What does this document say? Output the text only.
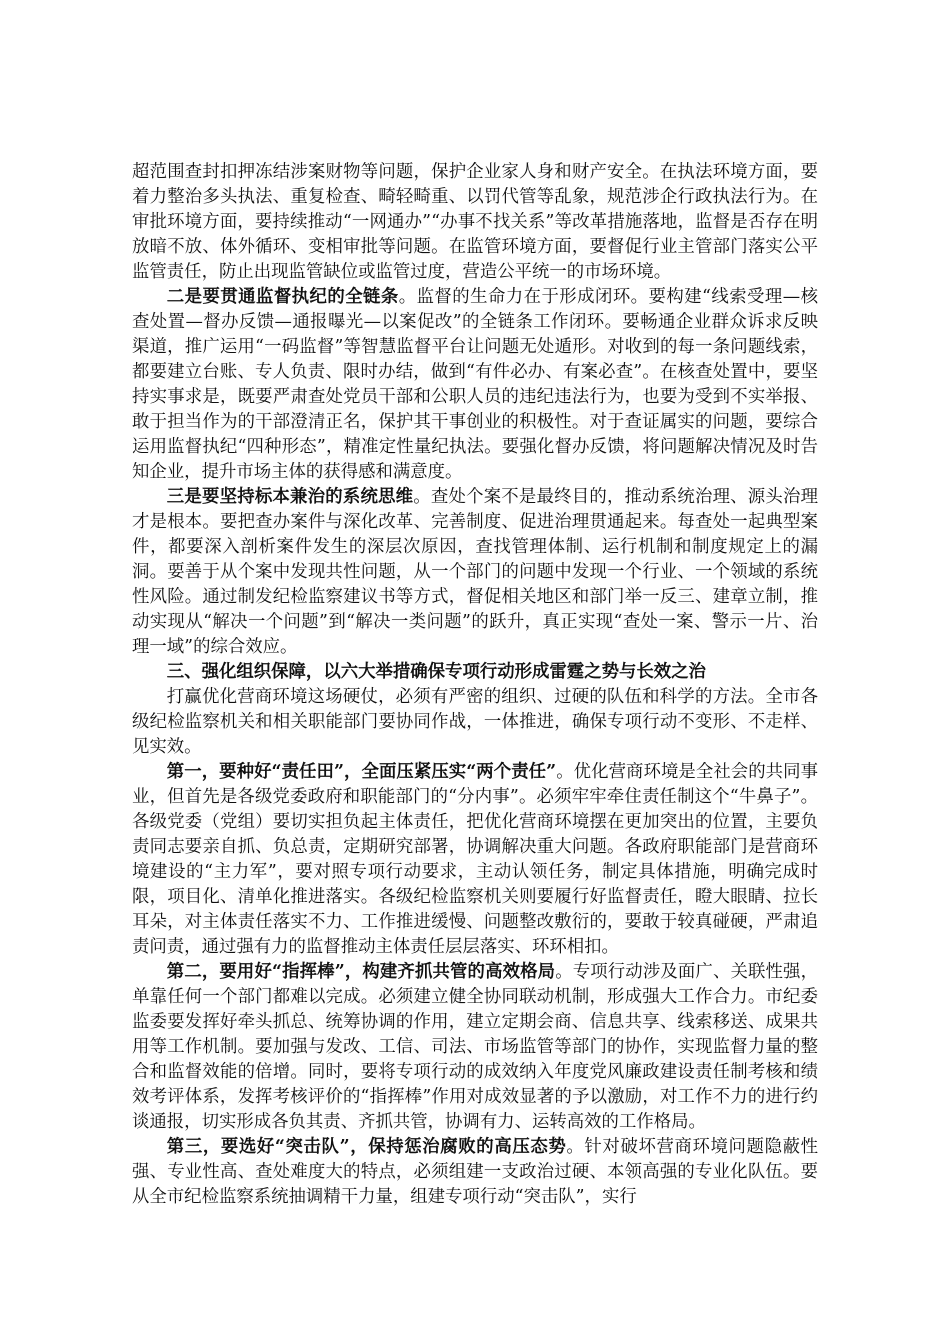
超范围查封扣押冻结涉案财物等问题，保护企业家人身和财产安全。在执法环境方面，要着力整治多头执法、重复检查、畸轻畸重、以罚代管等乱象，规范涉企行政执法行为。在审批环境方面，要持续推动“一网通办”“办事不找关系”等改革措施落地，监督是否存在明放暗不放、体外循环、变相审批等问题。在监管环境方面，要督促行业主管部门落实公平监管责任，防止出现监管缺位或监管过度，营造公平统一的市场环境。

二是要贯通监督执纪的全链条。监督的生命力在于形成闭环。要构建“线索受理—核查处置—督办反馈—通报曝光—以案促改”的全链条工作闭环。要畅通企业群众诉求反映渠道，推广运用“一码监督”等智慧监督平台让问题无处遁形。对收到的每一条问题线索，都要建立台账、专人负责、限时办结，做到“有件必办、有案必查”。在核查处置中，要坚持实事求是，既要严肃查处党员干部和公职人员的违纪违法行为，也要为受到不实举报、敢于担当作为的干部澄清正名，保护其干事创业的积极性。对于查证属实的问题，要综合运用监督执纪“四种形态”，精准定性量纪执法。要强化督办反馈，将问题解决情况及时告知企业，提升市场主体的获得感和满意度。

三是要坚持标本兼治的系统思维。查处个案不是最终目的，推动系统治理、源头治理才是根本。要把查办案件与深化改革、完善制度、促进治理贯通起来。每查处一起典型案件，都要深入剖析案件发生的深层次原因，查找管理体制、运行机制和制度规定上的漏洞。要善于从个案中发现共性问题，从一个部门的问题中发现一个行业、一个领域的系统性风险。通过制发纪检监察建议书等方式，督促相关地区和部门举一反三、建章立制，推动实现从“解决一个问题”到“解决一类问题”的跃升，真正实现“查处一案、警示一片、治理一域”的综合效应。

三、强化组织保障，以六大举措确保专项行动形成雷霆之势与长效之治

打赢优化营商环境这场硬仗，必须有严密的组织、过硬的队伍和科学的方法。全市各级纪检监察机关和相关职能部门要协同作战，一体推进，确保专项行动不变形、不走样、见实效。

第一，要种好“责任田”，全面压紧压实“两个责任”。优化营商环境是全社会的共同事业，但首先是各级党委政府和职能部门的“分内事”。必须牢牢牵住责任制这个“牛鼻子”。各级党委（党组）要切实担负起主体责任，把优化营商环境摆在更加突出的位置，主要负责同志要亲自抓、负总责，定期研究部署，协调解决重大问题。各政府职能部门是营商环境建设的“主力军”，要对照专项行动要求，主动认领任务，制定具体措施，明确完成时限，项目化、清单化推进落实。各级纪检监察机关则要履行好监督责任，瞪大眼睛、拉长耳朵，对主体责任落实不力、工作推进缓慢、问题整改敷衍的，要敢于较真碰硬，严肃追责问责，通过强有力的监督推动主体责任层层落实、环环相扣。

第二，要用好“指挥棒”，构建齐抓共管的高效格局。专项行动涉及面广、关联性强，单靠任何一个部门都难以完成。必须建立健全协同联动机制，形成强大工作合力。市纪委监委要发挥好牵头抓总、统筹协调的作用，建立定期会商、信息共享、线索移送、成果共用等工作机制。要加强与发改、工信、司法、市场监管等部门的协作，实现监督力量的整合和监督效能的倍增。同时，要将专项行动的成效纳入年度党风廉政建设责任制考核和绩效考评体系，发挥考核评价的“指挥棒”作用对成效显著的予以激励，对工作不力的进行约谈通报，切实形成各负其责、齐抓共管，协调有力、运转高效的工作格局。

第三，要选好“突击队”，保持惩治腐败的高压态势。针对破坏营商环境问题隐蔽性强、专业性高、查处难度大的特点，必须组建一支政治过硬、本领高强的专业化队伍。要从全市纪检监察系统抽调精干力量，组建专项行动“突击队”，实行
